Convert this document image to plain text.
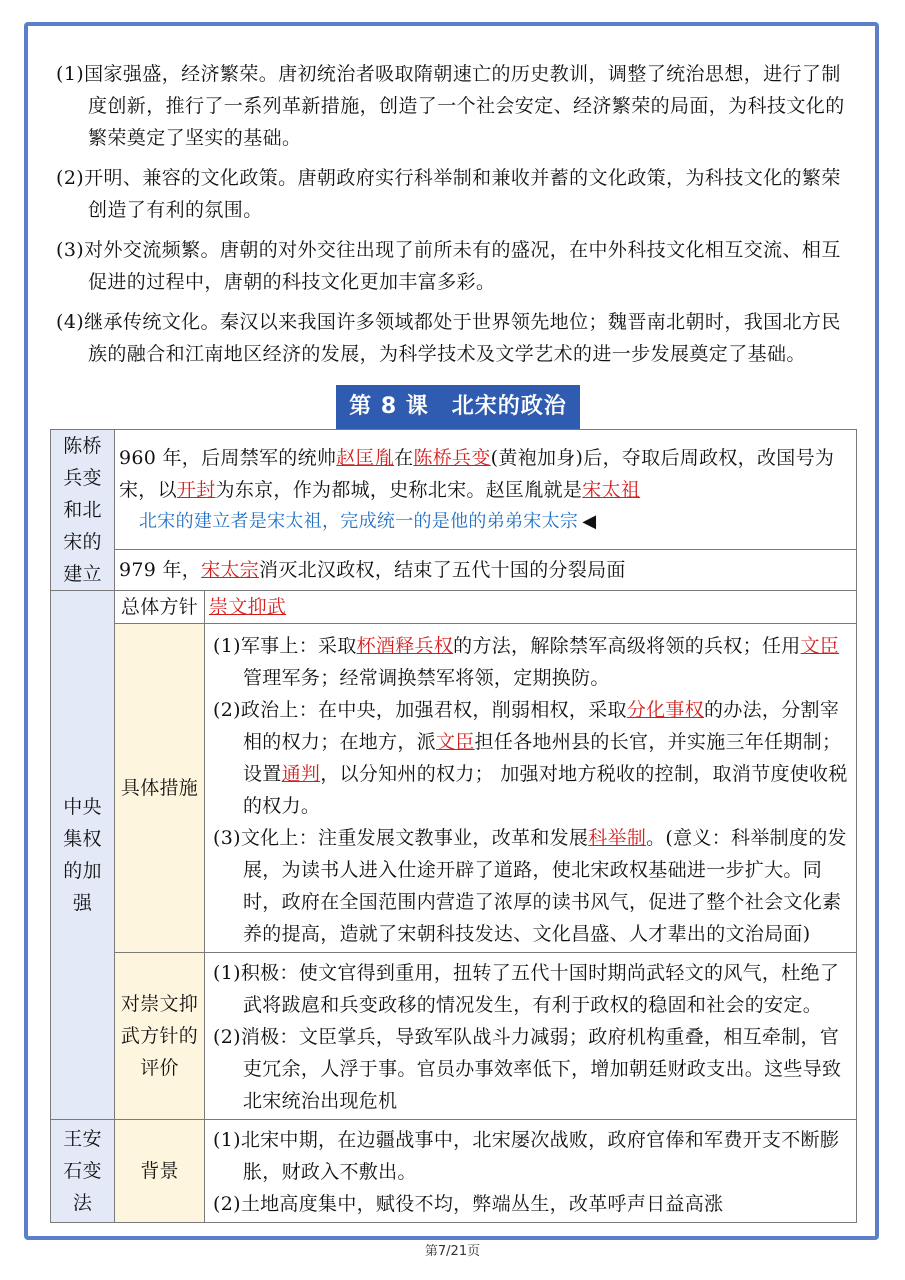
(1)国家强盛，经济繁荣。唐初统治者吸取隋朝速亡的历史教训，调整了统治思想，进行了制度创新，推行了一系列革新措施，创造了一个社会安定、经济繁荣的局面，为科技文化的繁荣奠定了坚实的基础。
(2)开明、兼容的文化政策。唐朝政府实行科举制和兼收并蓄的文化政策，为科技文化的繁荣创造了有利的氛围。
(3)对外交流频繁。唐朝的对外交往出现了前所未有的盛况，在中外科技文化相互交流、相互促进的过程中，唐朝的科技文化更加丰富多彩。
(4)继承传统文化。秦汉以来我国许多领域都处于世界领先地位；魏晋南北朝时，我国北方民族的融合和江南地区经济的发展，为科学技术及文学艺术的进一步发展奠定了基础。
第 8 课　北宋的政治
陈桥兵变和北宋的建立	960 年，后周禁军的统帅赵匡胤在陈桥兵变(黄袍加身)后，夺取后周政权，改国号为宋，以开封为东京，作为都城，史称北宋。赵匡胤就是宋太祖
北宋的建立者是宋太祖，完成统一的是他的弟弟宋太宗 ◀	

	979 年，宋太宗消灭北汉政权，结束了五代十国的分裂局面	
中央集权的加强	总体方针	崇文抑武
	具体措施	(1)军事上：采取杯酒释兵权的方法，解除禁军高级将领的兵权；任用文臣管理军务；经常调换禁军将领，定期换防。
(2)政治上：在中央，加强君权，削弱相权，采取分化事权的办法，分割宰相的权力；在地方，派文臣担任各地州县的长官，并实施三年任期制；设置通判，以分知州的权力； 加强对地方税收的控制，取消节度使收税的权力。
(3)文化上：注重发展文教事业，改革和发展科举制。(意义：科举制度的发展，为读书人进入仕途开辟了道路，使北宋政权基础进一步扩大。同时，政府在全国范围内营造了浓厚的读书风气，促进了整个社会文化素养的提高，造就了宋朝科技发达、文化昌盛、人才辈出的文治局面)

	对崇文抑武方针的评价	(1)积极：使文官得到重用，扭转了五代十国时期尚武轻文的风气，杜绝了武将跋扈和兵变政移的情况发生，有利于政权的稳固和社会的安定。
(2)消极：文臣掌兵，导致军队战斗力减弱；政府机构重叠，相互牵制，官吏冗余，人浮于事。官员办事效率低下，增加朝廷财政支出。这些导致北宋统治出现危机

王安石变法	背景	(1)北宋中期，在边疆战事中，北宋屡次战败，政府官俸和军费开支不断膨胀，财政入不敷出。
(2)土地高度集中，赋役不均，弊端丛生，改革呼声日益高涨
第7/21页
